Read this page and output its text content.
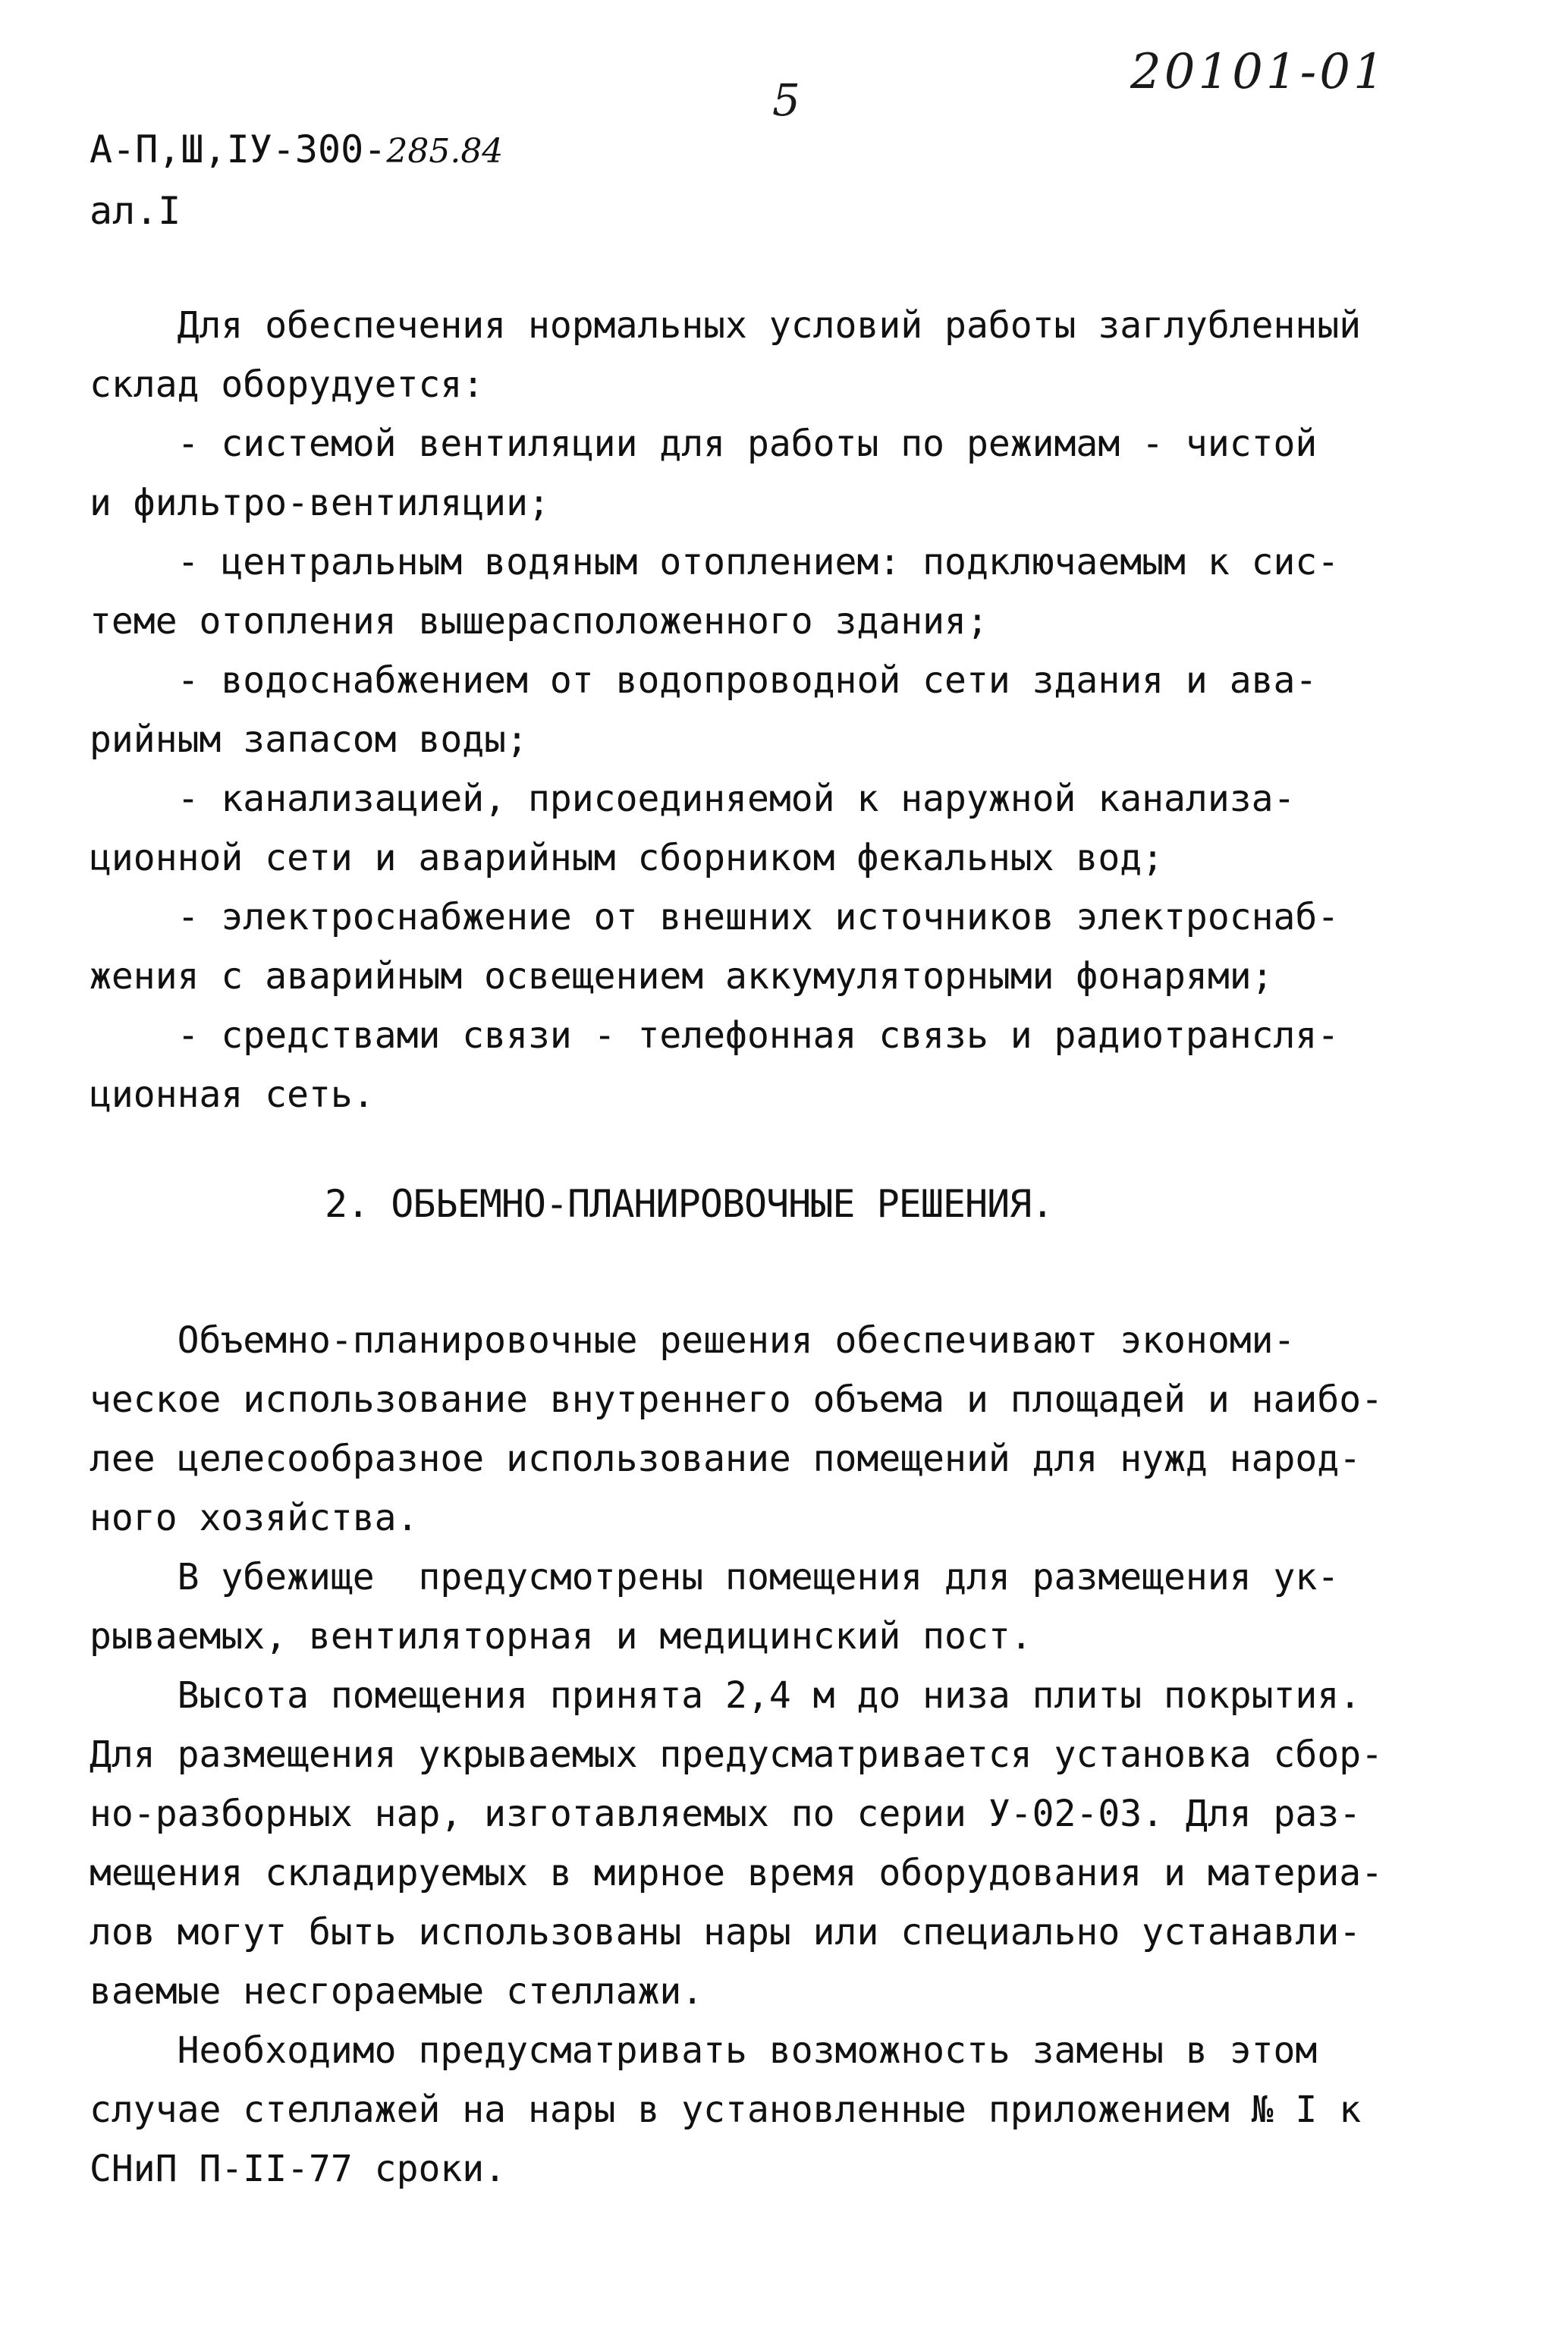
5	20101-01
А-П,Ш,IУ-300-285.84
ал.I
Для обеспечения нормальных условий работы заглубленный
склад оборудуется:
- системой вентиляции для работы по режимам - чистой
и фильтро-вентиляции;
- центральным водяным отоплением: подключаемым к сис-
теме отопления вышерасположенного здания;
- водоснабжением от водопроводной сети здания и ава-
рийным запасом воды;
- канализацией, присоединяемой к наружной канализа-
ционной сети и аварийным сборником фекальных вод;
- электроснабжение от внешних источников электроснаб-
жения с аварийным освещением аккумуляторными фонарями;
- средствами связи - телефонная связь и радиотрансля-
ционная сеть.
2. ОБЬЕМНО-ПЛАНИРОВОЧНЫЕ РЕШЕНИЯ.
Объемно-планировочные решения обеспечивают экономи-
ческое использование внутреннего объема и площадей и наибо-
лее целесообразное использование помещений для нужд народ-
ного хозяйства.
В убежище  предусмотрены помещения для размещения ук-
рываемых, вентиляторная и медицинский пост.
Высота помещения принята 2,4 м до низа плиты покрытия.
Для размещения укрываемых предусматривается установка сбор-
но-разборных нар, изготавляемых по серии У-02-03. Для раз-
мещения складируемых в мирное время оборудования и материа-
лов могут быть использованы нары или специально устанавли-
ваемые несгораемые стеллажи.
Необходимо предусматривать возможность замены в этом
случае стеллажей на нары в установленные приложением № I к
СНиП П-II-77 сроки.
